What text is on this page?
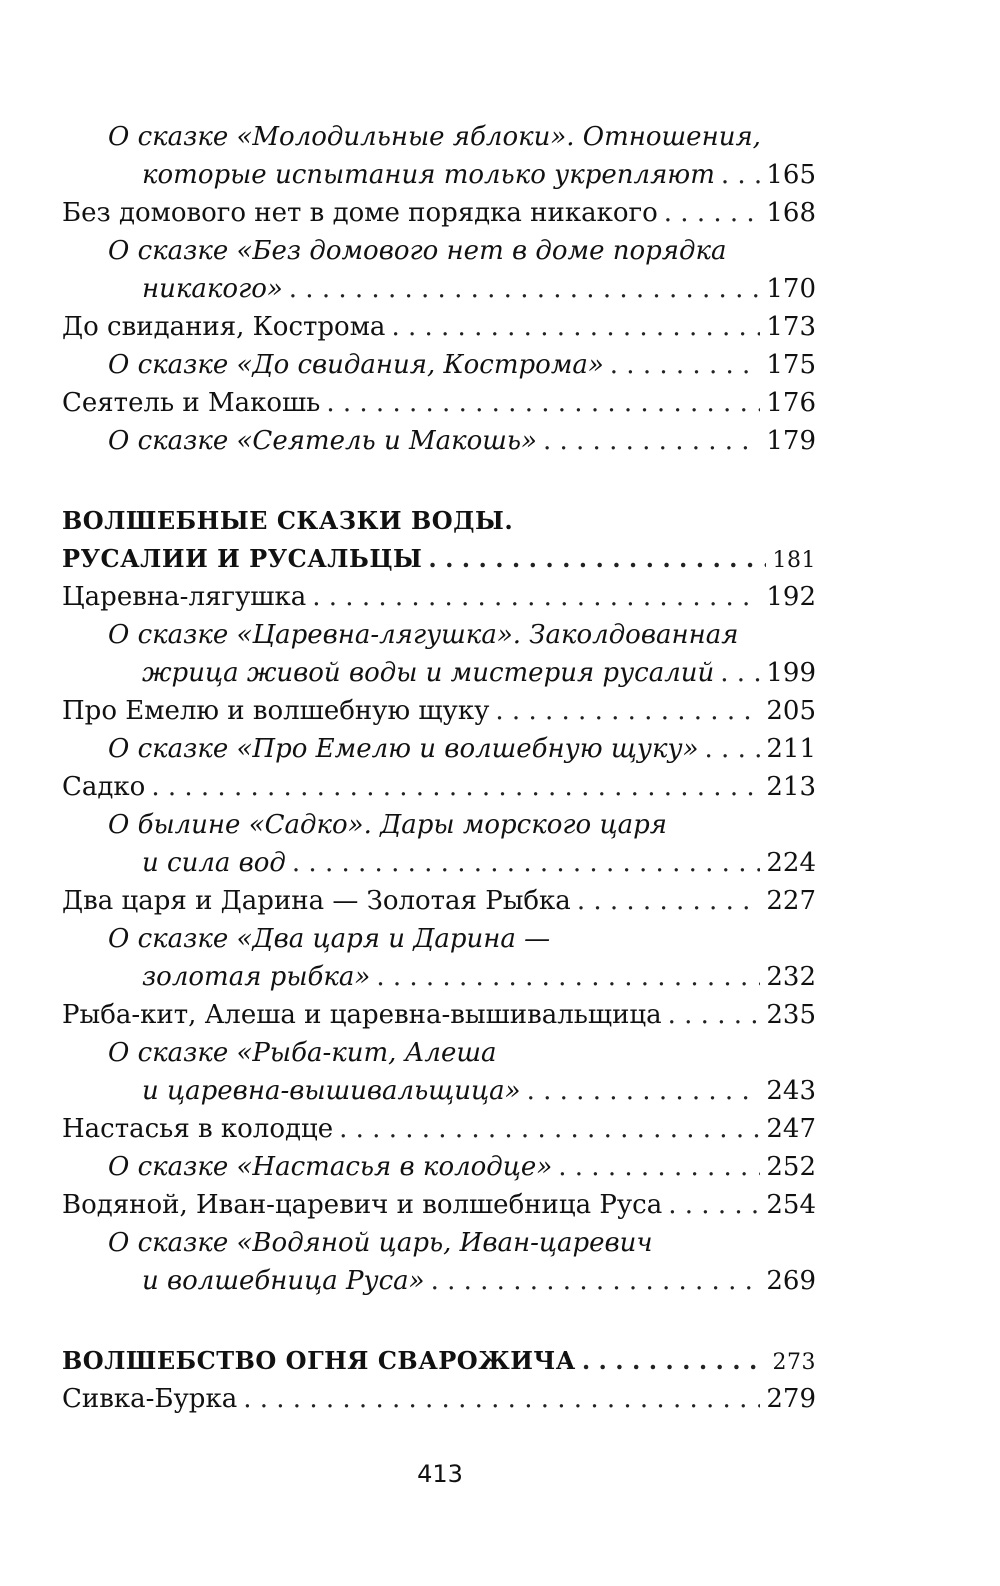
О сказке «Молодильные яблоки». Отношения,
которые испытания только укрепляют . . . 165
Без домового нет в доме порядка никакого . . .	168
О сказке «Без домового нет в доме порядка
никакого» . . .	170
До свидания, Кострома . . .	173
О сказке «До свидания, Кострома» . . .	175
Сеятель и Макошь . . .	176
О сказке «Сеятель и Макошь» . . .	179
ВОЛШЕБНЫЕ СКАЗКИ ВОДЫ.
РУСАЛИИ И РУСАЛЬЦЫ . . .	181
Царевна-лягушка . . .	192
О сказке «Царевна-лягушка». Заколдованная
жрица живой воды и мистерия русалий . . . 199
Про Емелю и волшебную щуку . . .	205
О сказке «Про Емелю и волшебную щуку» . . .	211
Садко . . .	213
О былине «Садко». Дары морского царя
и сила вод . . .	224
Два царя и Дарина — Золотая Рыбка . . .	227
О сказке «Два царя и Дарина —
золотая рыбка» . . .	232
Рыба-кит, Алеша и царевна-вышивальщица . . .	235
О сказке «Рыба-кит, Алеша
и царевна-вышивальщица» . . .	243
Настасья в колодце . . .	247
О сказке «Настасья в колодце» . . .	252
Водяной, Иван-царевич и волшебница Руса . . .	254
О сказке «Водяной царь, Иван-царевич
и волшебница Руса» . . .	269
ВОЛШЕБСТВО ОГНЯ СВАРОЖИЧА . . .	273
Сивка-Бурка . . .	279
413
